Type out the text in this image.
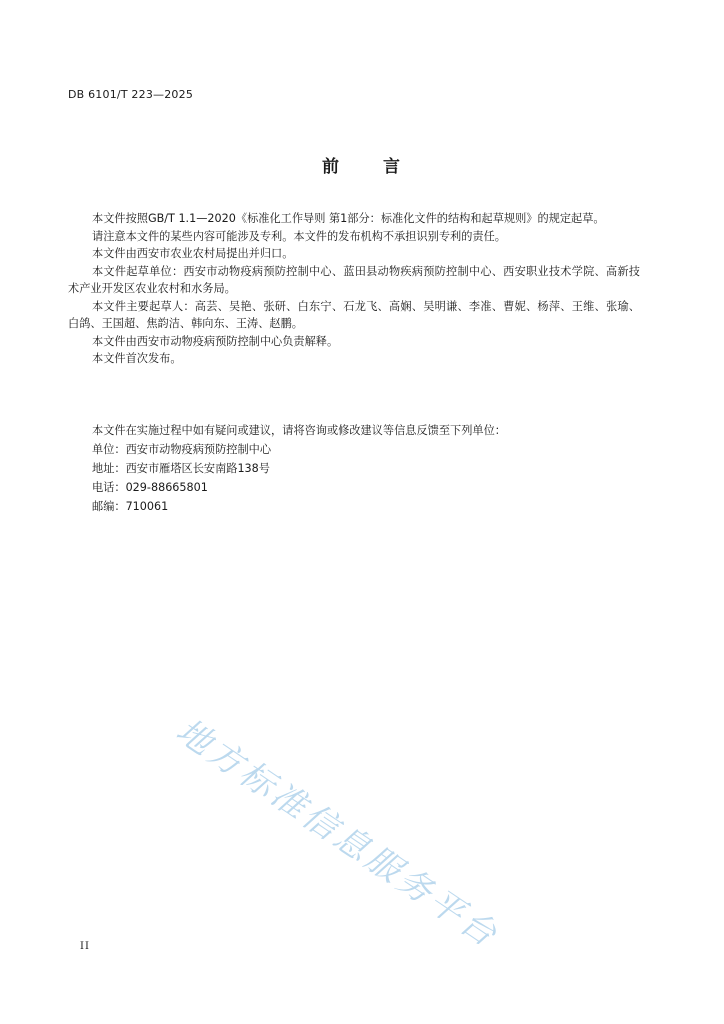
DB 6101/T 223—2025
前 言

本文件按照GB/T 1.1—2020《标准化工作导则 第1部分：标准化文件的结构和起草规则》的规定起草。

请注意本文件的某些内容可能涉及专利。本文件的发布机构不承担识别专利的责任。

本文件由西安市农业农村局提出并归口。

本文件起草单位：西安市动物疫病预防控制中心、蓝田县动物疾病预防控制中心、西安职业技术学院、高新技术产业开发区农业农村和水务局。

本文件主要起草人：高芸、吴艳、张研、白东宁、石龙飞、高娴、吴明谦、李准、曹妮、杨萍、王维、张瑜、白鸽、王国超、焦韵洁、韩向东、王涛、赵鹏。

本文件由西安市动物疫病预防控制中心负责解释。

本文件首次发布。

本文件在实施过程中如有疑问或建议，请将咨询或修改建议等信息反馈至下列单位：
单位：西安市动物疫病预防控制中心
地址：西安市雁塔区长安南路138号
电话：029-88665801
邮编：710061
地方标准信息服务平台
II
